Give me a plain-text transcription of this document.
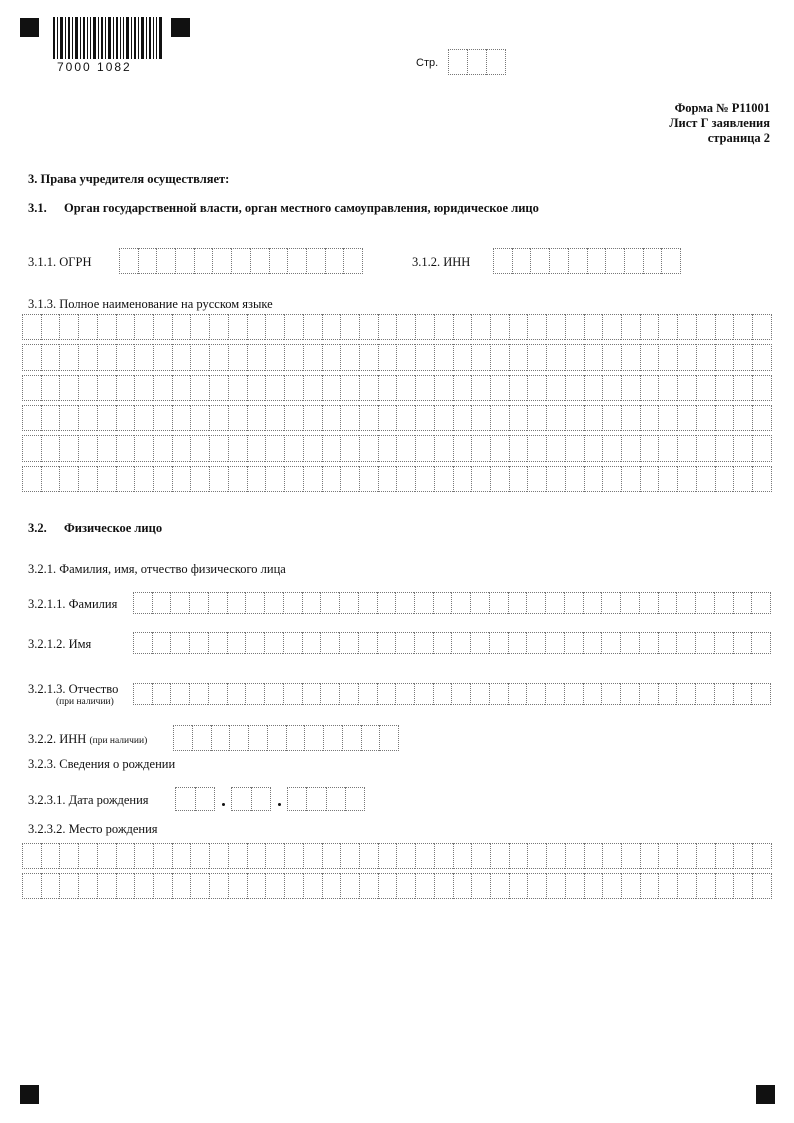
7000 1082	Стр.
Форма № Р11001
Лист Г заявления
страница 2
3. Права учредителя осуществляет:
3.1. Орган государственной власти, орган местного самоуправления, юридическое лицо
3.1.1. ОГРН	3.1.2. ИНН
3.1.3. Полное наименование на русском языке
3.2. Физическое лицо
3.2.1. Фамилия, имя, отчество физического лица
3.2.1.1. Фамилия
3.2.1.2. Имя
3.2.1.3. Отчество
(при наличии)
3.2.2. ИНН (при наличии)
3.2.3. Сведения о рождении
3.2.3.1. Дата рождения
3.2.3.2. Место рождения
